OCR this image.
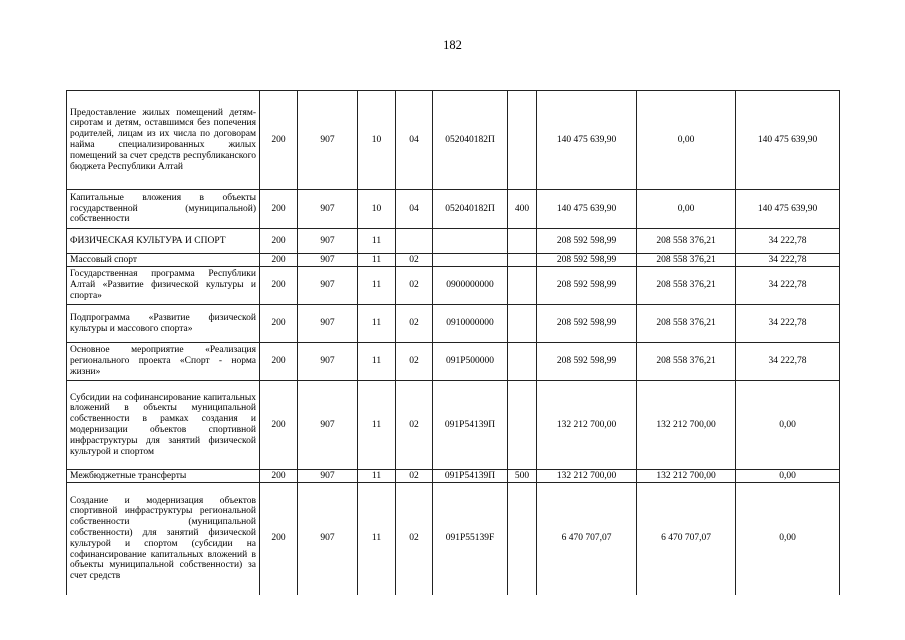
182
Предоставление жилых помещений детям-сиротам и детям, оставшимся без попечения родителей, лицам из их числа по договорам найма специализированных жилых помещений за счет средств республиканского бюджета Республики Алтай	200	907	10	04	052040182П		140 475 639,90	0,00	140 475 639,90
Капитальные вложения в объекты государственной (муниципальной) собственности	200	907	10	04	052040182П	400	140 475 639,90	0,00	140 475 639,90
ФИЗИЧЕСКАЯ КУЛЬТУРА И СПОРТ	200	907	11				208 592 598,99	208 558 376,21	34 222,78
Массовый спорт	200	907	11	02			208 592 598,99	208 558 376,21	34 222,78
Государственная программа Республики Алтай «Развитие физической культуры и спорта»	200	907	11	02	0900000000		208 592 598,99	208 558 376,21	34 222,78
Подпрограмма «Развитие физической культуры и массового спорта»	200	907	11	02	0910000000		208 592 598,99	208 558 376,21	34 222,78
Основное мероприятие «Реализация регионального проекта «Спорт - норма жизни»	200	907	11	02	091P500000		208 592 598,99	208 558 376,21	34 222,78
Субсидии на софинансирование капитальных вложений в объекты муниципальной собственности в рамках создания и модернизации объектов спортивной инфраструктуры для занятий физической культурой и спортом	200	907	11	02	091P54139П		132 212 700,00	132 212 700,00	0,00
Межбюджетные трансферты	200	907	11	02	091P54139П	500	132 212 700,00	132 212 700,00	0,00
Создание и модернизация объектов спортивной инфраструктуры региональной собственности (муниципальной собственности) для занятий физической культурой и спортом (субсидии на софинансирование капитальных вложений в объекты муниципальной собственности) за счет средств	200	907	11	02	091P55139F		6 470 707,07	6 470 707,07	0,00
